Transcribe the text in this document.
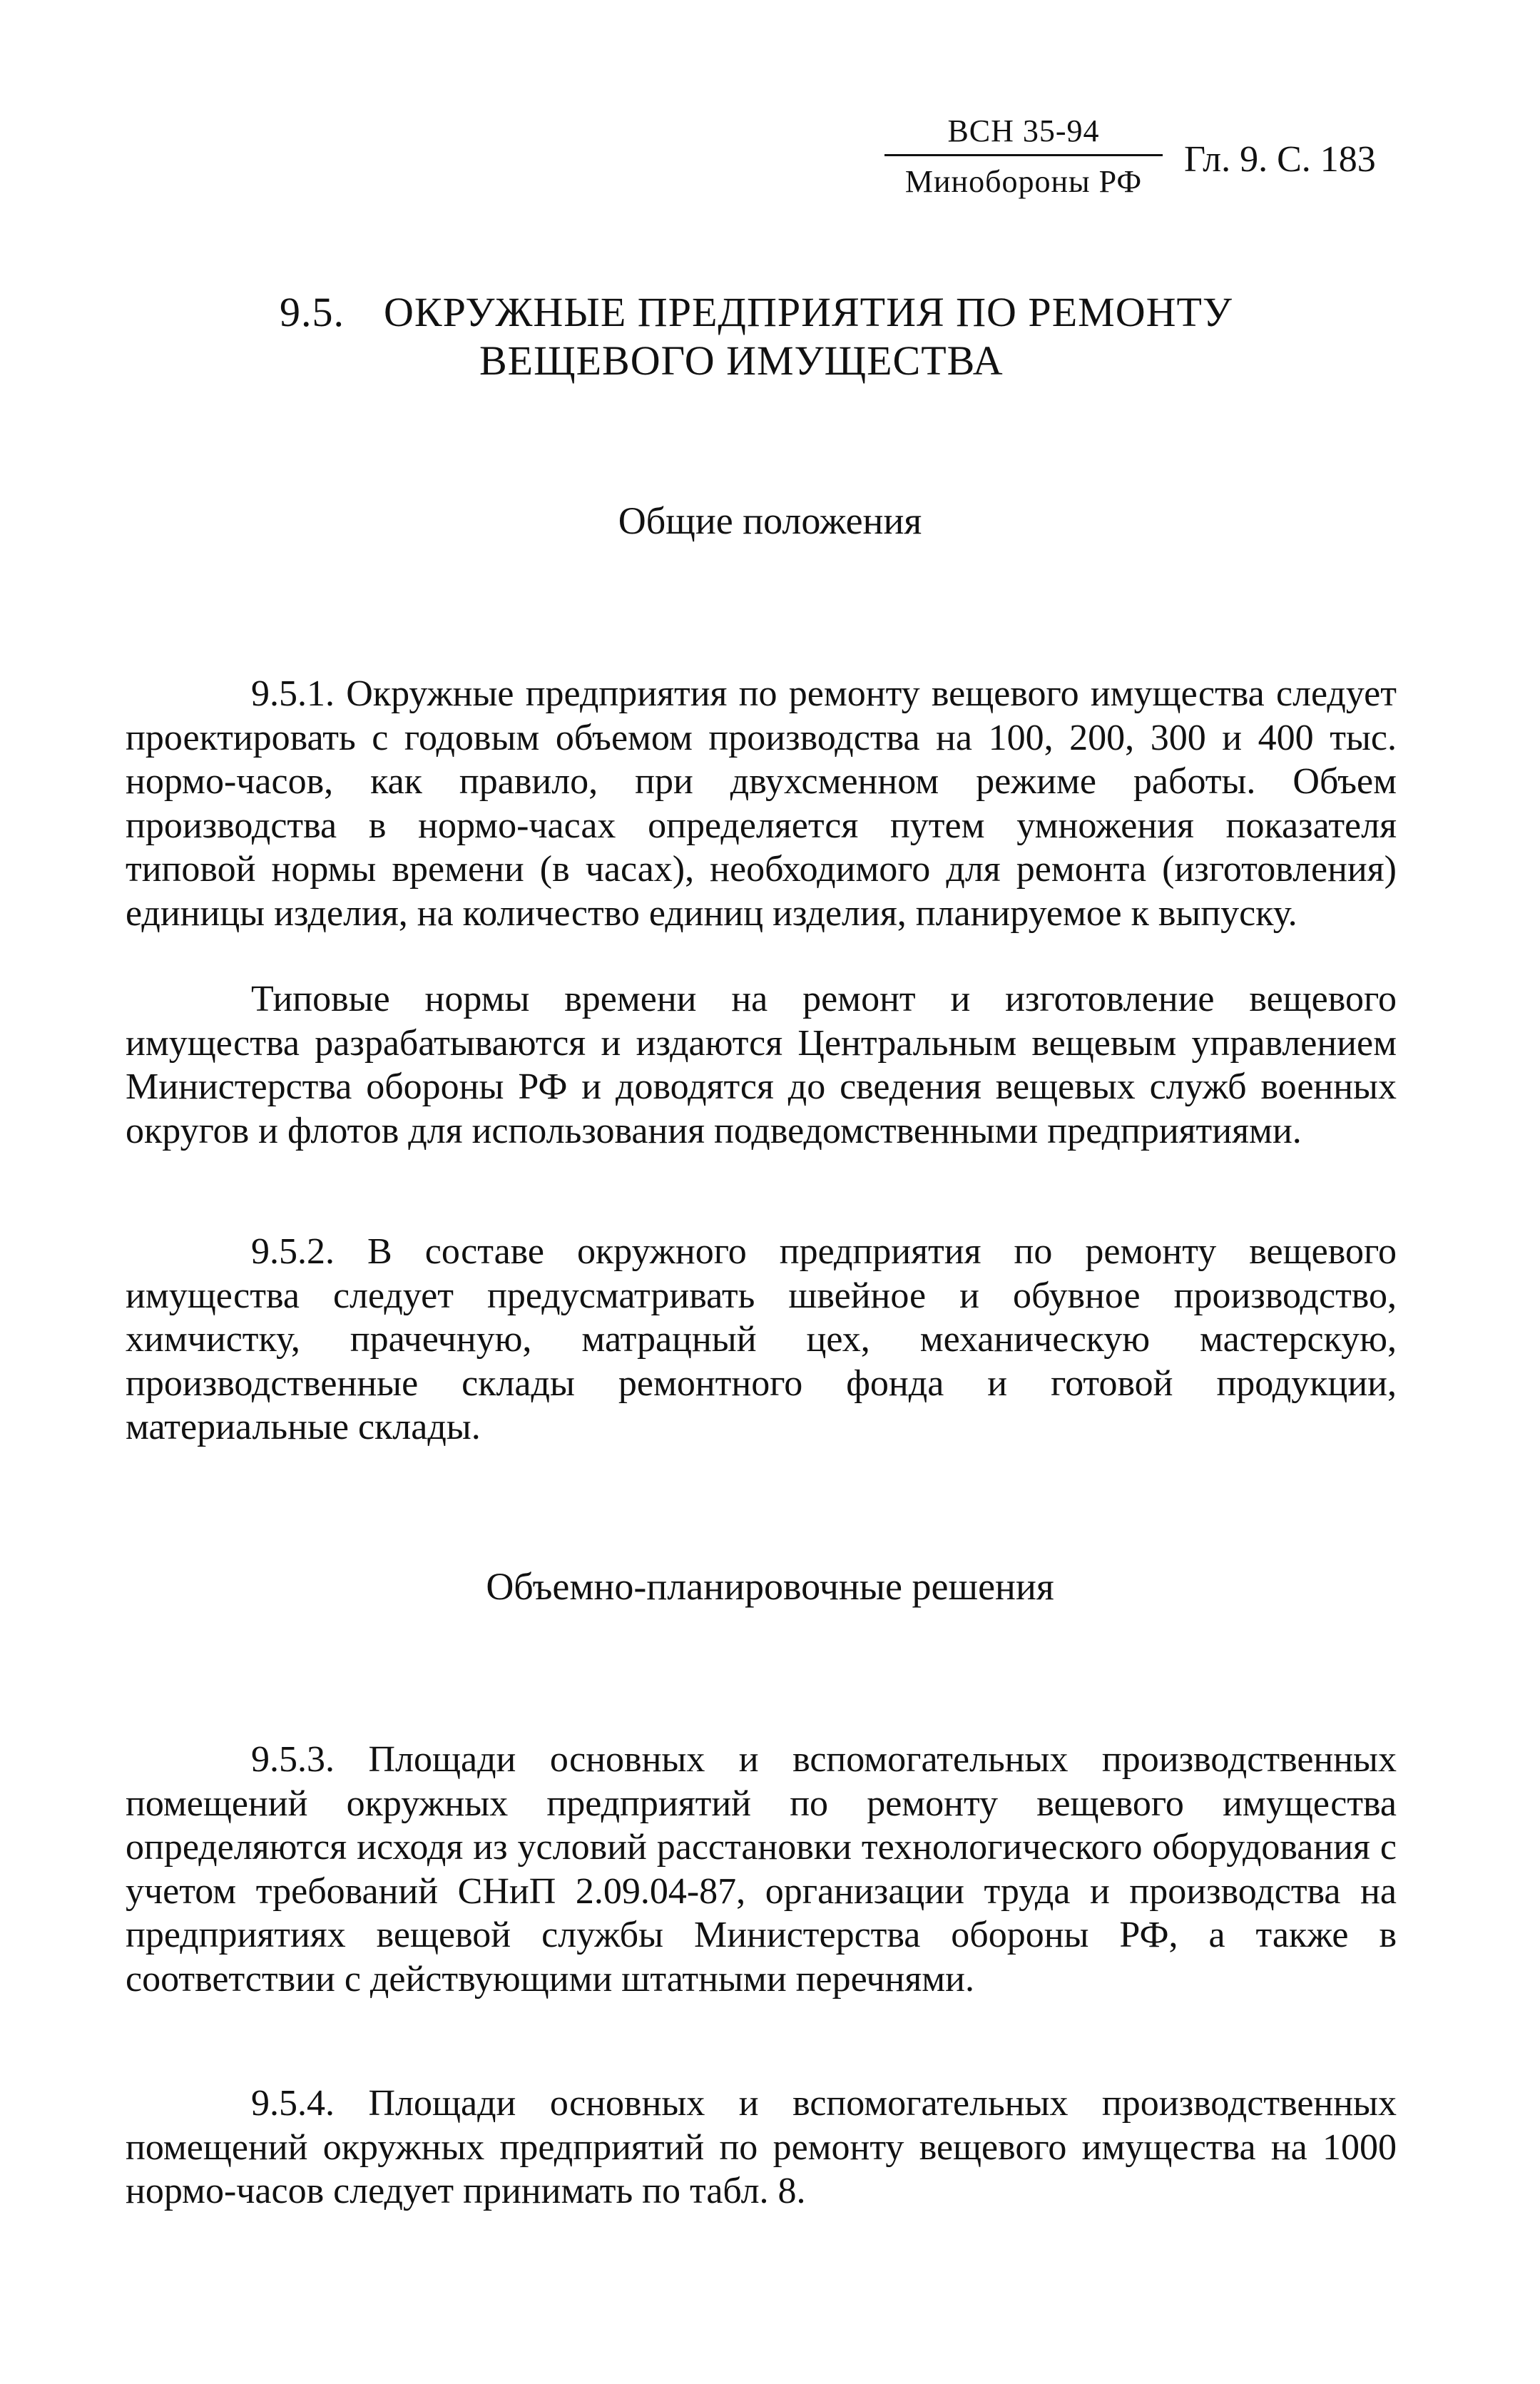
ВСН 35-94
Минобороны РФ
Гл. 9. С. 183
9.5. ОКРУЖНЫЕ ПРЕДПРИЯТИЯ ПО РЕМОНТУ
ВЕЩЕВОГО ИМУЩЕСТВА
Общие положения

9.5.1. Окружные предприятия по ремонту вещевого имущества следует проектировать с годовым объемом производства на 100, 200, 300 и 400 тыс. нормо-часов, как правило, при двухсменном режиме работы. Объем производства в нормо-часах определяется путем умножения показателя типовой нормы времени (в часах), необходимого для ремонта (изготовления) единицы изделия, на количество единиц изделия, планируемое к выпуску.

Типовые нормы времени на ремонт и изготовление вещевого имущества разрабатываются и издаются Центральным вещевым управлением Министерства обороны РФ и доводятся до сведения вещевых служб военных округов и флотов для использования подведомственными предприятиями.

9.5.2. В составе окружного предприятия по ремонту вещевого имущества следует предусматривать швейное и обувное производство, химчистку, прачечную, матрацный цех, механическую мастерскую, производственные склады ремонтного фонда и готовой продукции, материальные склады.

Объемно-планировочные решения

9.5.3. Площади основных и вспомогательных производственных помещений окружных предприятий по ремонту вещевого имущества определяются исходя из условий расстановки технологического оборудования с учетом требований СНиП 2.09.04-87, организации труда и производства на предприятиях вещевой службы Министерства обороны РФ, а также в соответствии с действующими штатными перечнями.

9.5.4. Площади основных и вспомогательных производственных помещений окружных предприятий по ремонту вещевого имущества на 1000 нормо-часов следует принимать по табл. 8.
